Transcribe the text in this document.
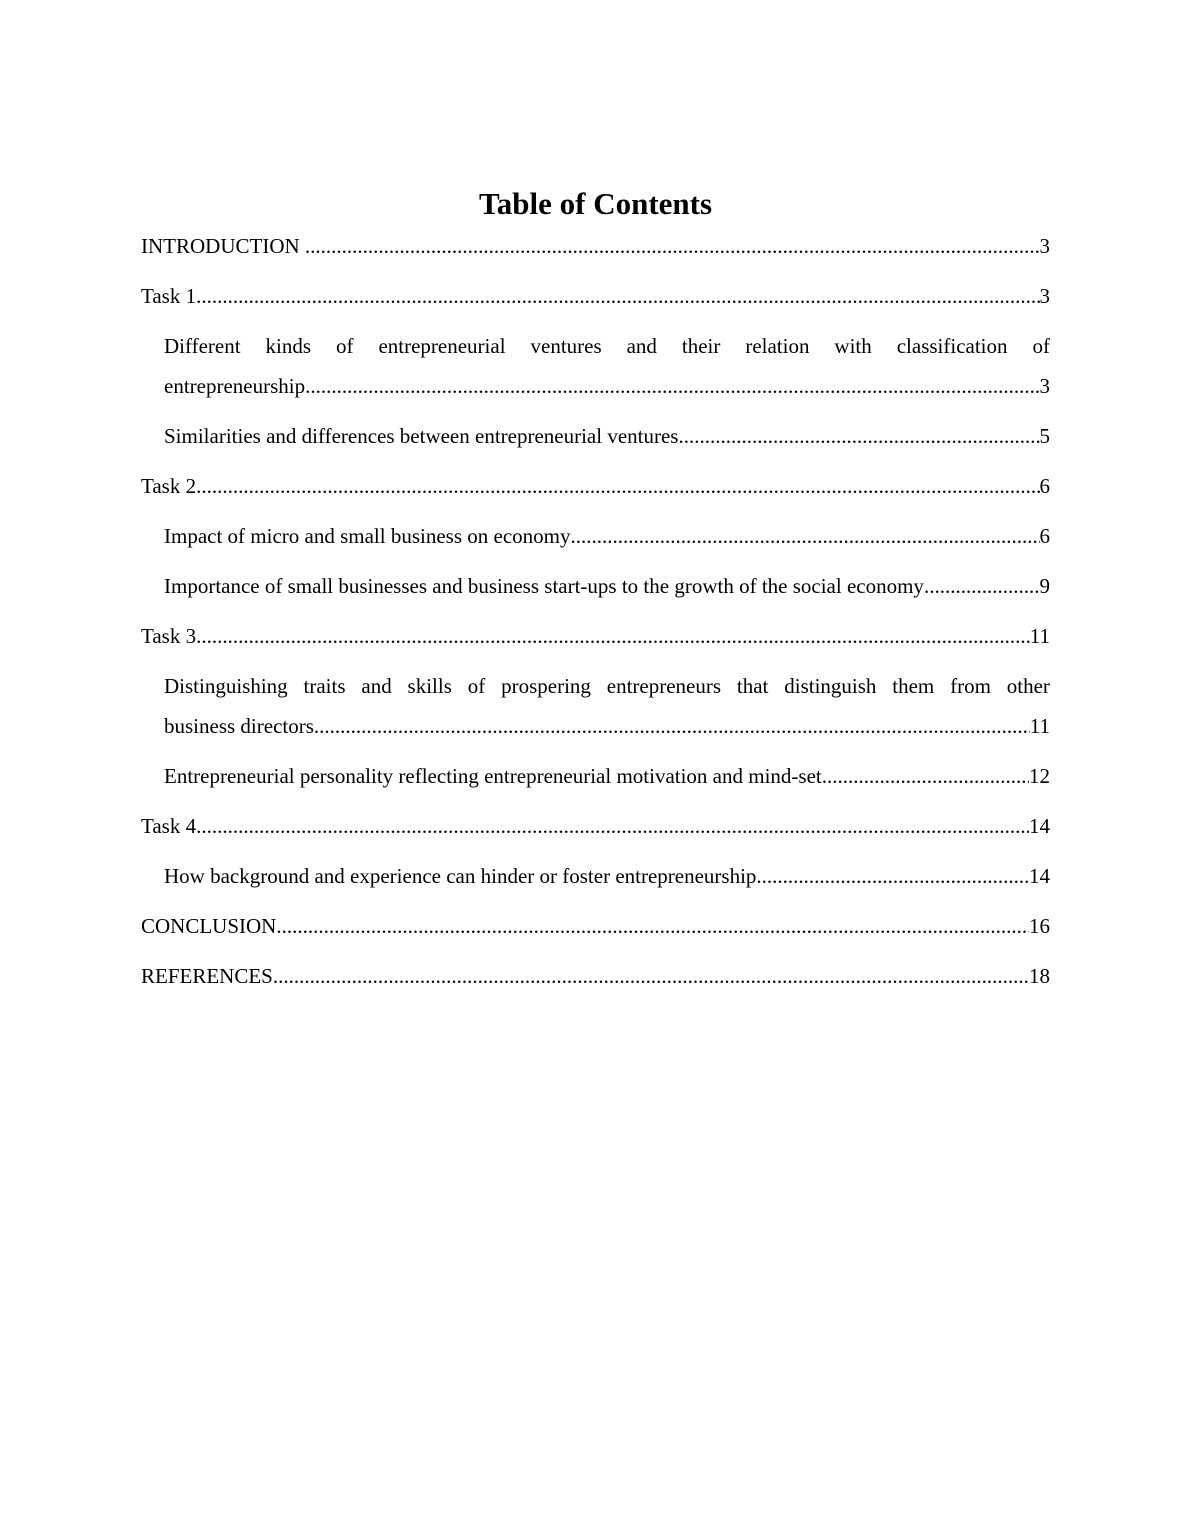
Table of Contents
INTRODUCTION .....	3
Task 1 .....	3
Different kinds of entrepreneurial ventures and their relation with classification of
entrepreneurship .....	3
Similarities and differences between entrepreneurial ventures .....	5
Task 2 .....	6
Impact of micro and small business on economy .....	6
Importance of small businesses and business start-ups to the growth of the social economy .....	9
Task 3 .....	11
Distinguishing traits and skills of prospering entrepreneurs that distinguish them from other
business directors .....	11
Entrepreneurial personality reflecting entrepreneurial motivation and mind-set .....	12
Task 4 .....	14
How background and experience can hinder or foster entrepreneurship .....	14
CONCLUSION .....	16
REFERENCES .....	18
